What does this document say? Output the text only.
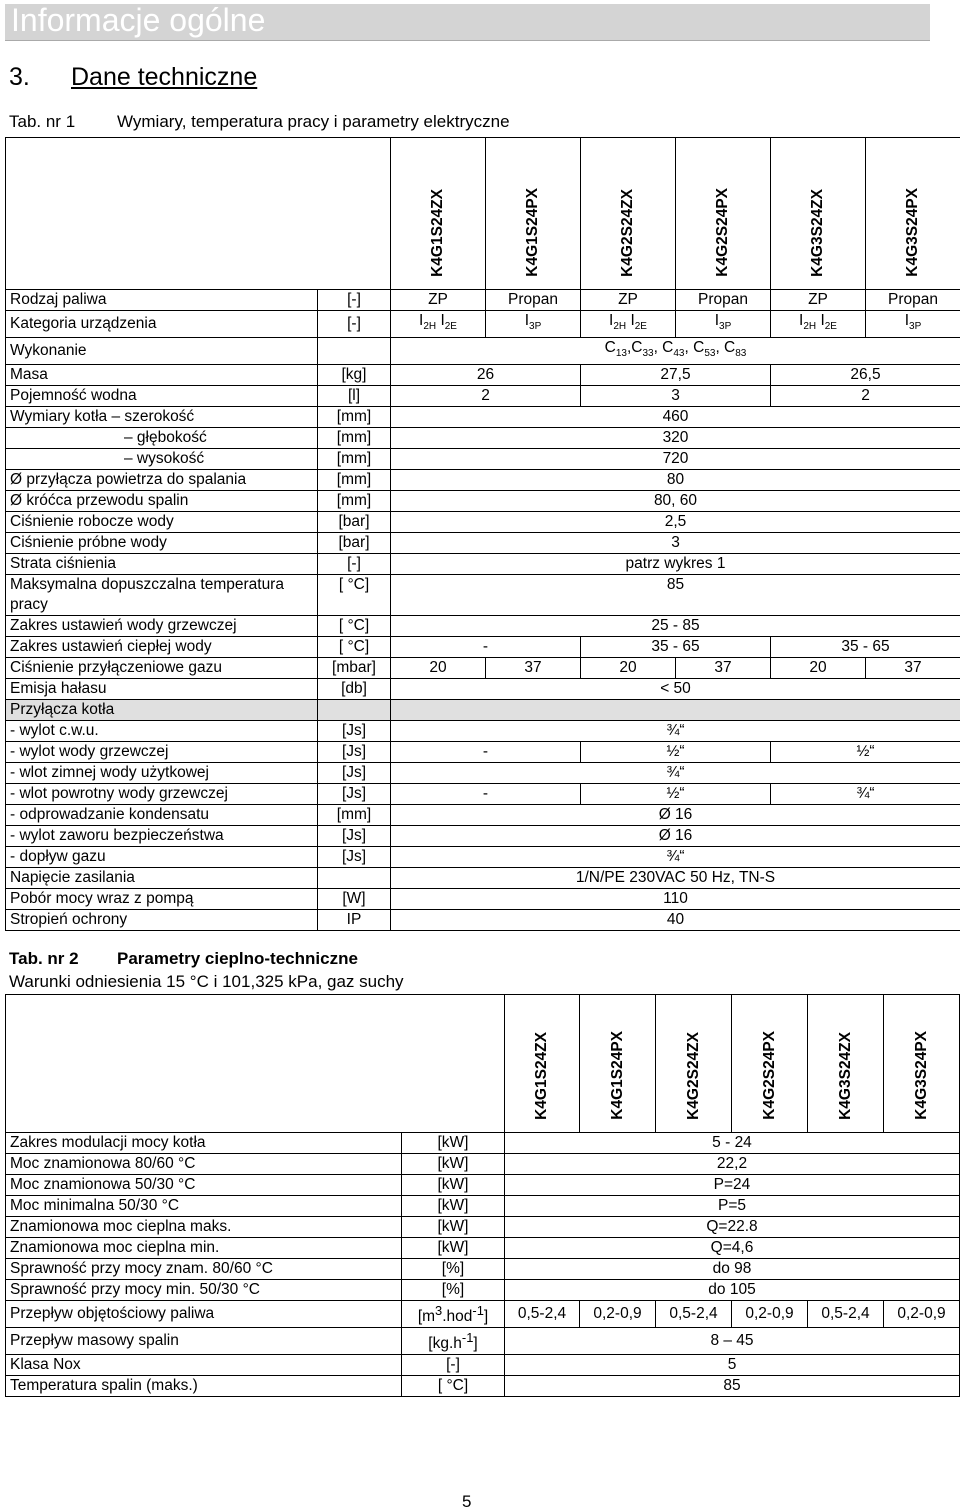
Informacje ogólne
3. Dane techniczne
Tab. nr 1 Wymiary, temperatura pracy i parametry elektryczne
		K4G1S24ZX	K4G1S24PX	K4G2S24ZX	K4G2S24PX	K4G3S24ZX	K4G3S24PX
Rodzaj paliwa	[-]	ZP	Propan	ZP	Propan	ZP	Propan
Kategoria urządzenia	[-]	$I_{2H}$ $I_{2E}$	$I_{3P}$	$I_{2H}$ $I_{2E}$	$I_{3P}$	$I_{2H}$ $I_{2E}$	$I_{3P}$
Wykonanie		$C_{13},C_{33}$, $C_{43}$, $C_{53}$, $C_{83}$
Masa	[kg]	26		27,5		26,5	
Pojemność wodna	[l]	2		3		2	
Wymiary kotła – szerokość	[mm]	460					
– głębokość	[mm]	320					
– wysokość	[mm]	720					
Ø przyłącza powietrza do spalania	[mm]	80					
Ø króćca przewodu spalin	[mm]	80, 60					
Ciśnienie robocze wody	[bar]	2,5					
Ciśnienie próbne wody	[bar]	3					
Strata ciśnienia	[-]	patrz wykres 1					
Maksymalna dopuszczalna temperatura pracy	[ °C]	85					
Zakres ustawień wody grzewczej	[ °C]	25 - 85					
Zakres ustawień ciepłej wody	[ °C]	-		35 - 65		35 - 65	
Ciśnienie przyłączeniowe gazu	[mbar]	20	37	20	37	20	37
Emisja hałasu	[db]	< 50					
Przyłącza kotła							
- wylot c.w.u.	[Js]	¾“					
- wylot wody grzewczej	[Js]	-		½“		½“	
- wlot zimnej wody użytkowej	[Js]	¾“					
- wlot powrotny wody grzewczej	[Js]	-		½“		¾“	
- odprowadzanie kondensatu	[mm]	Ø 16					
- wylot zaworu bezpieczeństwa	[Js]	Ø 16					
- dopływ gazu	[Js]	¾“					
Napięcie zasilania		1/N/PE 230VAC 50 Hz, TN-S					
Pobór mocy wraz z pompą	[W]	110					
Stropień ochrony	IP	40					
Tab. nr 2 Parametry cieplno-techniczne
Warunki odniesienia 15 °C i 101,325 kPa, gaz suchy
		K4G1S24ZX	K4G1S24PX	K4G2S24ZX	K4G2S24PX	K4G3S24ZX	K4G3S24PX
Zakres modulacji mocy kotła	[kW]	5 - 24					
Moc znamionowa 80/60 °C	[kW]	22,2					
Moc znamionowa 50/30 °C	[kW]	P=24					
Moc minimalna 50/30 °C	[kW]	P=5					
Znamionowa moc cieplna maks.	[kW]	Q=22.8					
Znamionowa moc cieplna min.	[kW]	Q=4,6					
Sprawność przy mocy znam. 80/60 °C	[%]	do 98					
Sprawność przy mocy min. 50/30 °C	[%]	do 105					
Przepływ objętościowy paliwa	$[m^3.hod^{-1}]$	0,5-2,4	0,2-0,9	0,5-2,4	0,2-0,9	0,5-2,4	0,2-0,9
Przepływ masowy spalin	$[kg.h^{-1}]$	8 – 45					
Klasa Nox	[-]	5					
Temperatura spalin (maks.)	[ °C]	85					
5
